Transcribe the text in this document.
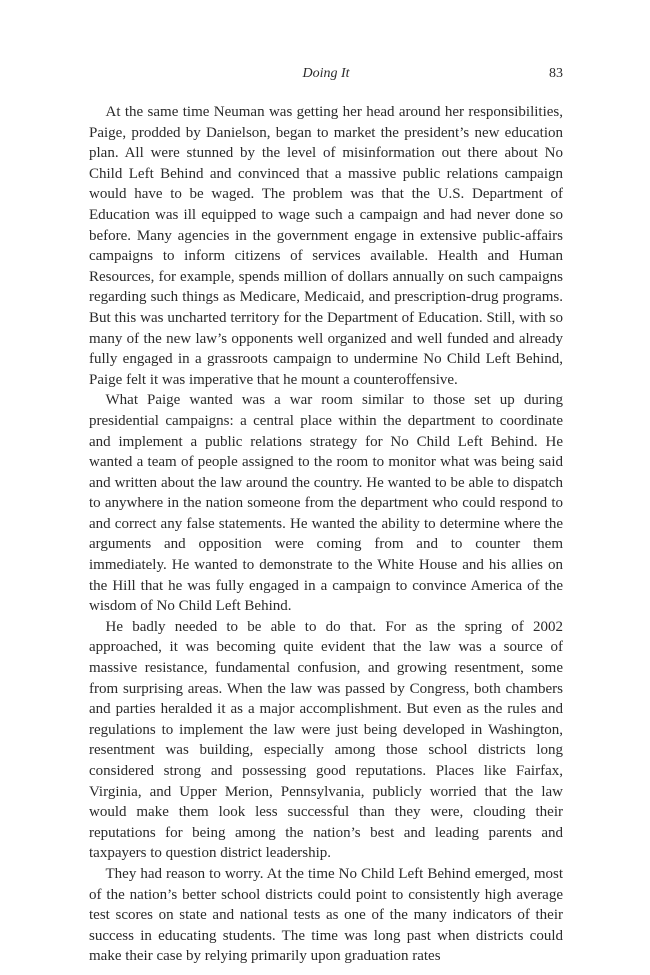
Doing It	83

At the same time Neuman was getting her head around her responsibilities, Paige, prodded by Danielson, began to market the president’s new education plan. All were stunned by the level of misinformation out there about No Child Left Behind and convinced that a massive public relations campaign would have to be waged. The problem was that the U.S. Department of Education was ill equipped to wage such a campaign and had never done so before. Many agencies in the government engage in extensive public-affairs campaigns to inform citizens of services available. Health and Human Resources, for example, spends million of dollars annually on such campaigns regarding such things as Medicare, Medicaid, and prescription-drug programs. But this was uncharted territory for the Department of Education. Still, with so many of the new law’s opponents well organized and well funded and already fully engaged in a grassroots campaign to undermine No Child Left Behind, Paige felt it was imperative that he mount a counteroffensive.

What Paige wanted was a war room similar to those set up during presidential campaigns: a central place within the department to coordinate and implement a public relations strategy for No Child Left Behind. He wanted a team of people assigned to the room to monitor what was being said and written about the law around the country. He wanted to be able to dispatch to anywhere in the nation someone from the department who could respond to and correct any false statements. He wanted the ability to determine where the arguments and opposition were coming from and to counter them immediately. He wanted to demonstrate to the White House and his allies on the Hill that he was fully engaged in a campaign to convince America of the wisdom of No Child Left Behind.

He badly needed to be able to do that. For as the spring of 2002 approached, it was becoming quite evident that the law was a source of massive resistance, fundamental confusion, and growing resentment, some from surprising areas. When the law was passed by Congress, both chambers and parties heralded it as a major accomplishment. But even as the rules and regulations to implement the law were just being developed in Washington, resentment was building, especially among those school districts long considered strong and possessing good reputations. Places like Fairfax, Virginia, and Upper Merion, Pennsylvania, publicly worried that the law would make them look less successful than they were, clouding their reputations for being among the nation’s best and leading parents and taxpayers to question district leadership.

They had reason to worry. At the time No Child Left Behind emerged, most of the nation’s better school districts could point to consistently high average test scores on state and national tests as one of the many indicators of their success in educating students. The time was long past when districts could make their case by relying primarily upon graduation rates
